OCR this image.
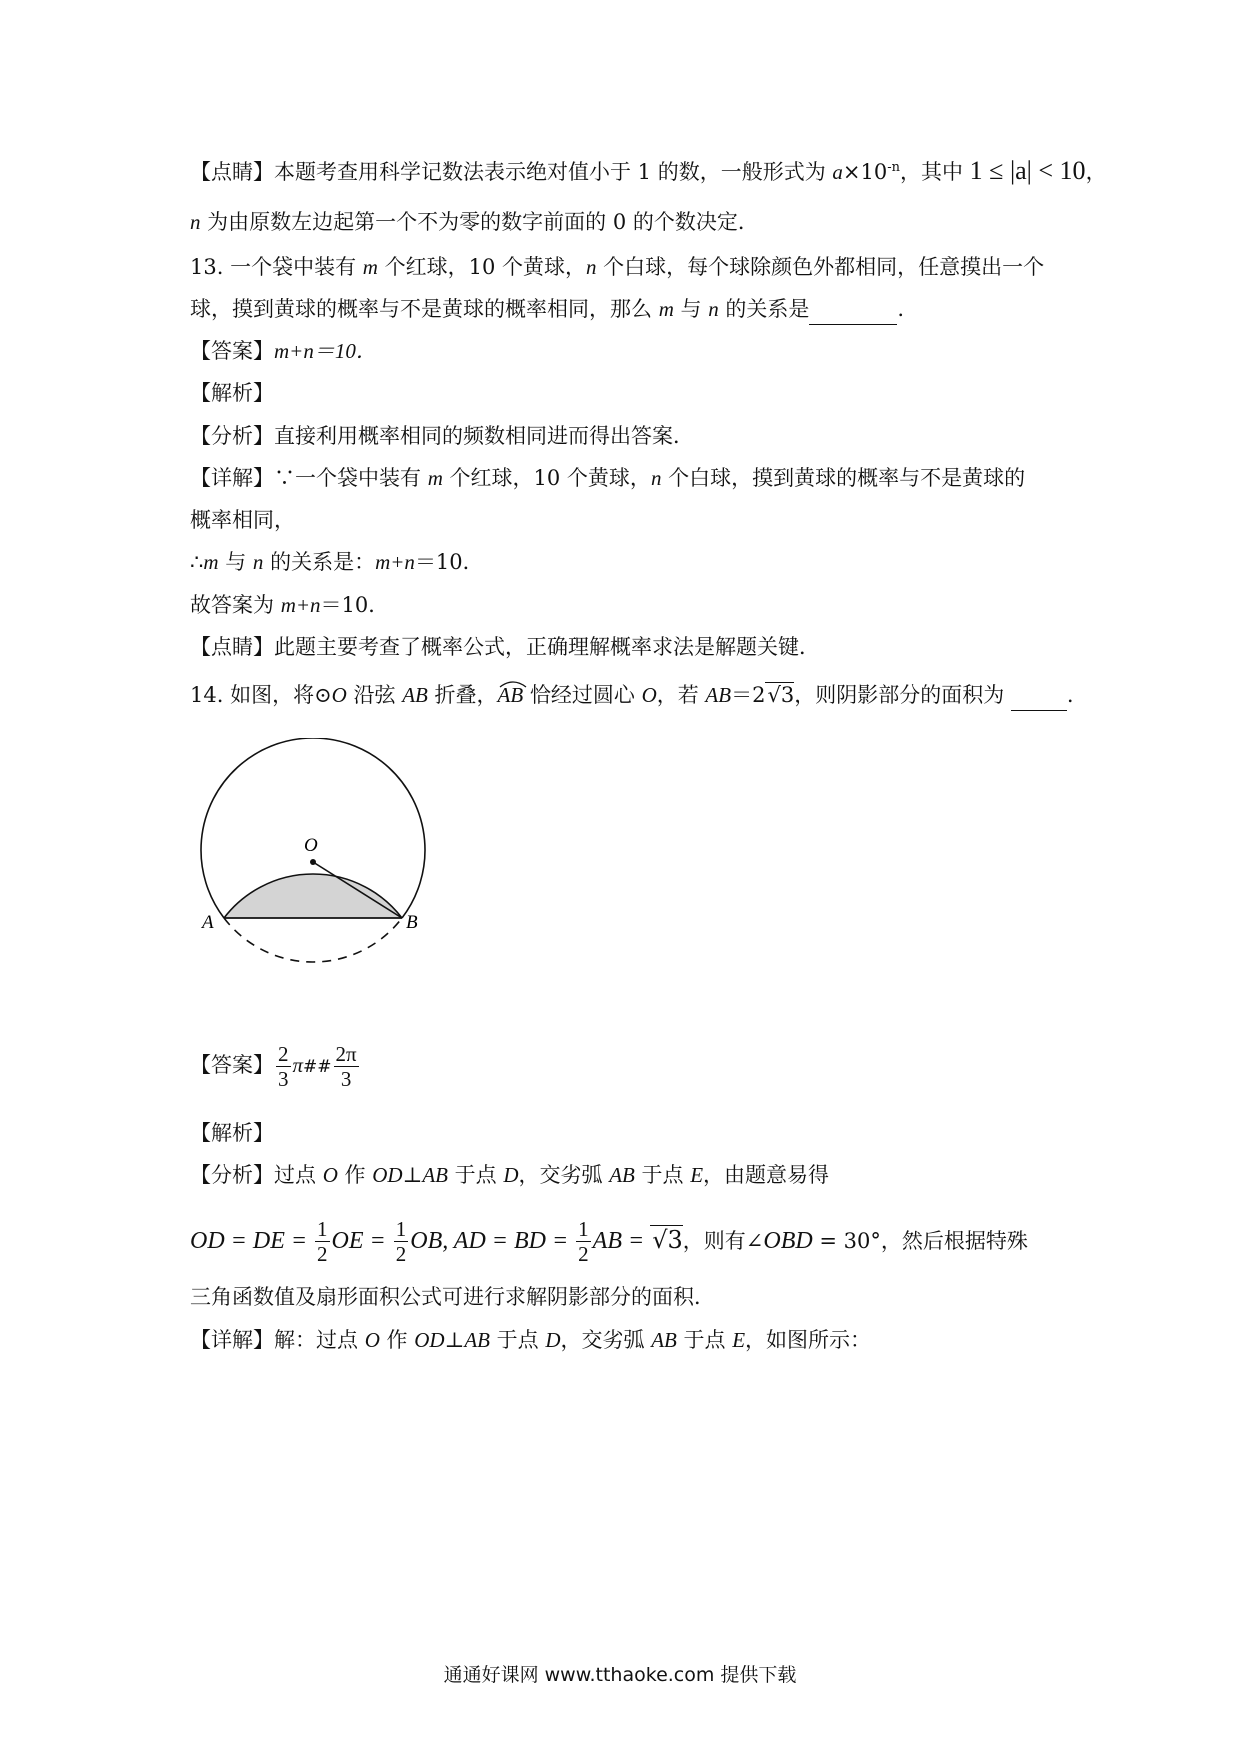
【点睛】本题考查用科学记数法表示绝对值小于 1 的数，一般形式为 $a\times 10^{-n}$，其中 1 ≤ |a| < 10，
n 为由原数左边起第一个不为零的数字前面的 0 的个数决定．
13. 一个袋中装有 m 个红球，10 个黄球，n 个白球，每个球除颜色外都相同，任意摸出一个
球，摸到黄球的概率与不是黄球的概率相同，那么 m 与 n 的关系是	.
【答案】m+n＝10．
【解析】
【分析】直接利用概率相同的频数相同进而得出答案．
【详解】∵一个袋中装有 m 个红球，10 个黄球，n 个白球，摸到黄球的概率与不是黄球的
概率相同，
∴m 与 n 的关系是：m+n＝10．
故答案为 m+n＝10．
【点睛】此题主要考查了概率公式，正确理解概率求法是解题关键．
14. 如图，将⊙O 沿弦 AB 折叠，AB
恰经过圆心 O，若 AB＝2√3，则阴影部分的面积为	.
O
A	B
【答案】 $\frac{2}{3}$ π## $\frac{2\pi}{3}$
【解析】
【分析】过点 O 作 OD⊥AB 于点 D，交劣弧 AB 于点 E，由题意易得
OD = DE = $\frac{1}{2}$ OE = $\frac{1}{2}$ OB, AD = BD = $\frac{1}{2}$ AB = √3，则有∠OBD = 30°，然后根据特殊
三角函数值及扇形面积公式可进行求解阴影部分的面积．
【详解】解：过点 O 作 OD⊥AB 于点 D，交劣弧 AB 于点 E，如图所示：
通通好课网 www.tthaoke.com 提供下载
